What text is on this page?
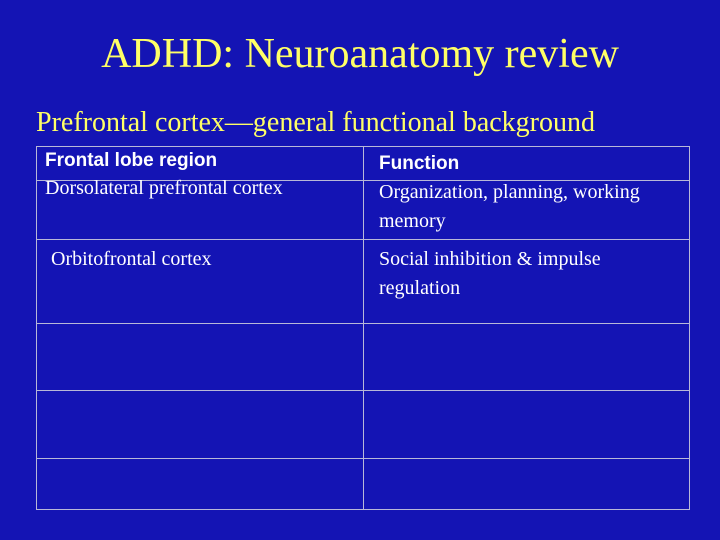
ADHD: Neuroanatomy review
Prefrontal cortex—general functional background
Frontal lobe region	Function
Dorsolateral prefrontal cortex	Organization, planning, working memory
Orbitofrontal cortex	Social inhibition & impulse regulation
